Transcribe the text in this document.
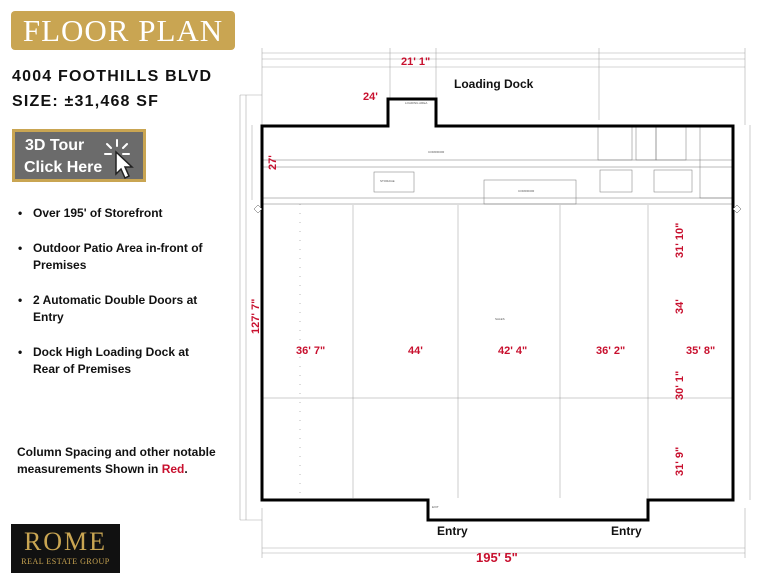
FLOOR PLAN
4004 FOOTHILLS BLVD
SIZE: ±31,468 SF
3D Tour
Click Here
• Over 195' of Storefront
• Outdoor Patio Area in-front of Premises
• 2 Automatic Double Doors at Entry
• Dock High Loading Dock at Rear of Premises
Column Spacing and other notable measurements Shown in Red.
ROME
REAL ESTATE GROUP
LOADING AREA
CORRIDOR
STORAGE
CORRIDOR
SALES
EXIT
Loading Dock
Entry	Entry
21' 1"
24'
27'
127' 7"
36' 7"	44'	42' 4"	36' 2"	35' 8"
31' 10"
34'
30' 1"
31' 9"
195' 5"
